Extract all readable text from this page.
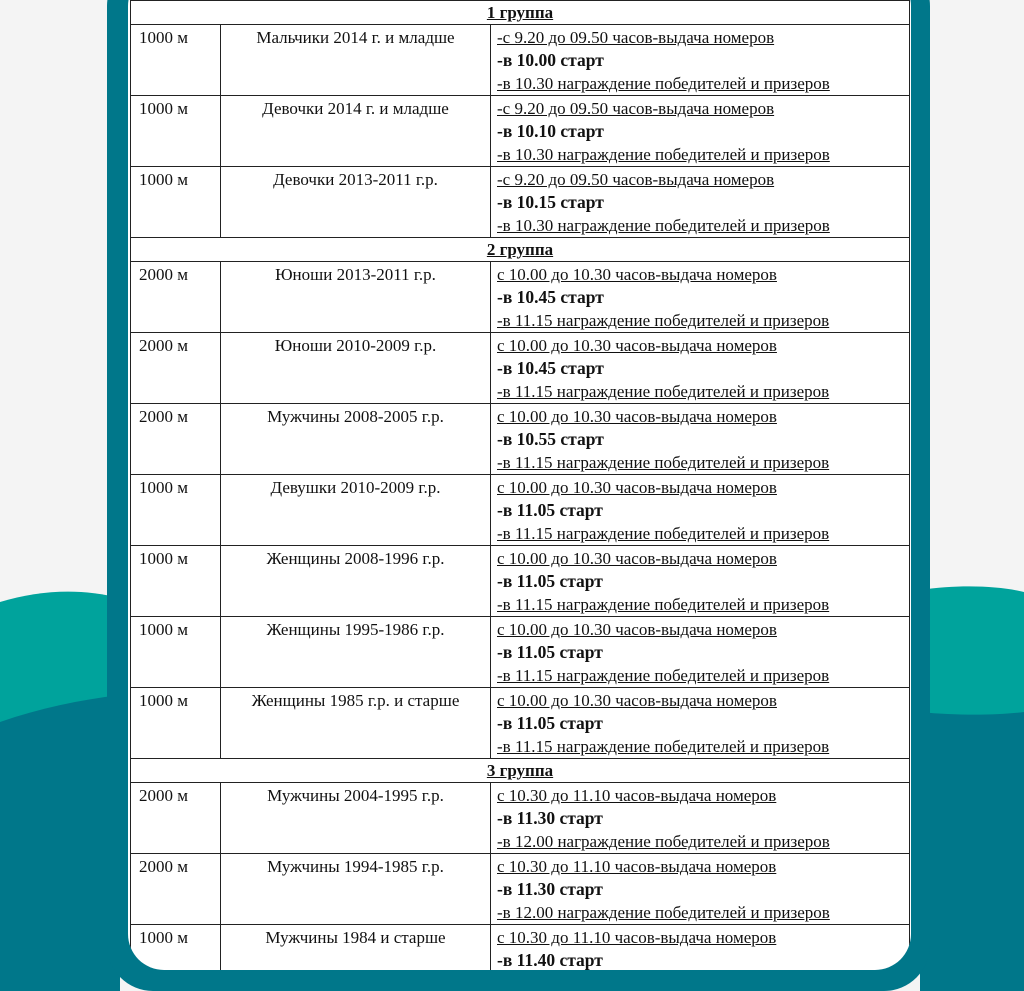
1 группа		
1000 м	Мальчики 2014 г. и младше	-с 9.20 до 09.50 часов-выдача номеров
-в 10.00 старт
-в 10.30 награждение победителей и призеров

1000 м	Девочки 2014 г. и младше	-с 9.20 до 09.50 часов-выдача номеров
-в 10.10 старт
-в 10.30 награждение победителей и призеров

1000 м	Девочки 2013-2011 г.р.	-с 9.20 до 09.50 часов-выдача номеров
-в 10.15 старт
-в 10.30 награждение победителей и призеров

2 группа		
2000 м	Юноши 2013-2011 г.р.	с 10.00 до 10.30 часов-выдача номеров
-в 10.45 старт
-в 11.15 награждение победителей и призеров

2000 м	Юноши 2010-2009 г.р.	с 10.00 до 10.30 часов-выдача номеров
-в 10.45 старт
-в 11.15 награждение победителей и призеров

2000 м	Мужчины 2008-2005 г.р.	с 10.00 до 10.30 часов-выдача номеров
-в 10.55 старт
-в 11.15 награждение победителей и призеров

1000 м	Девушки 2010-2009 г.р.	с 10.00 до 10.30 часов-выдача номеров
-в 11.05 старт
-в 11.15 награждение победителей и призеров

1000 м	Женщины 2008-1996 г.р.	с 10.00 до 10.30 часов-выдача номеров
-в 11.05 старт
-в 11.15 награждение победителей и призеров

1000 м	Женщины 1995-1986 г.р.	с 10.00 до 10.30 часов-выдача номеров
-в 11.05 старт
-в 11.15 награждение победителей и призеров

1000 м	Женщины 1985 г.р. и старше	с 10.00 до 10.30 часов-выдача номеров
-в 11.05 старт
-в 11.15 награждение победителей и призеров

3 группа		
2000 м	Мужчины 2004-1995 г.р.	с 10.30 до 11.10 часов-выдача номеров
-в 11.30 старт
-в 12.00 награждение победителей и призеров

2000 м	Мужчины 1994-1985 г.р.	с 10.30 до 11.10 часов-выдача номеров
-в 11.30 старт
-в 12.00 награждение победителей и призеров

1000 м	Мужчины 1984 и старше	с 10.30 до 11.10 часов-выдача номеров
-в 11.40 старт
